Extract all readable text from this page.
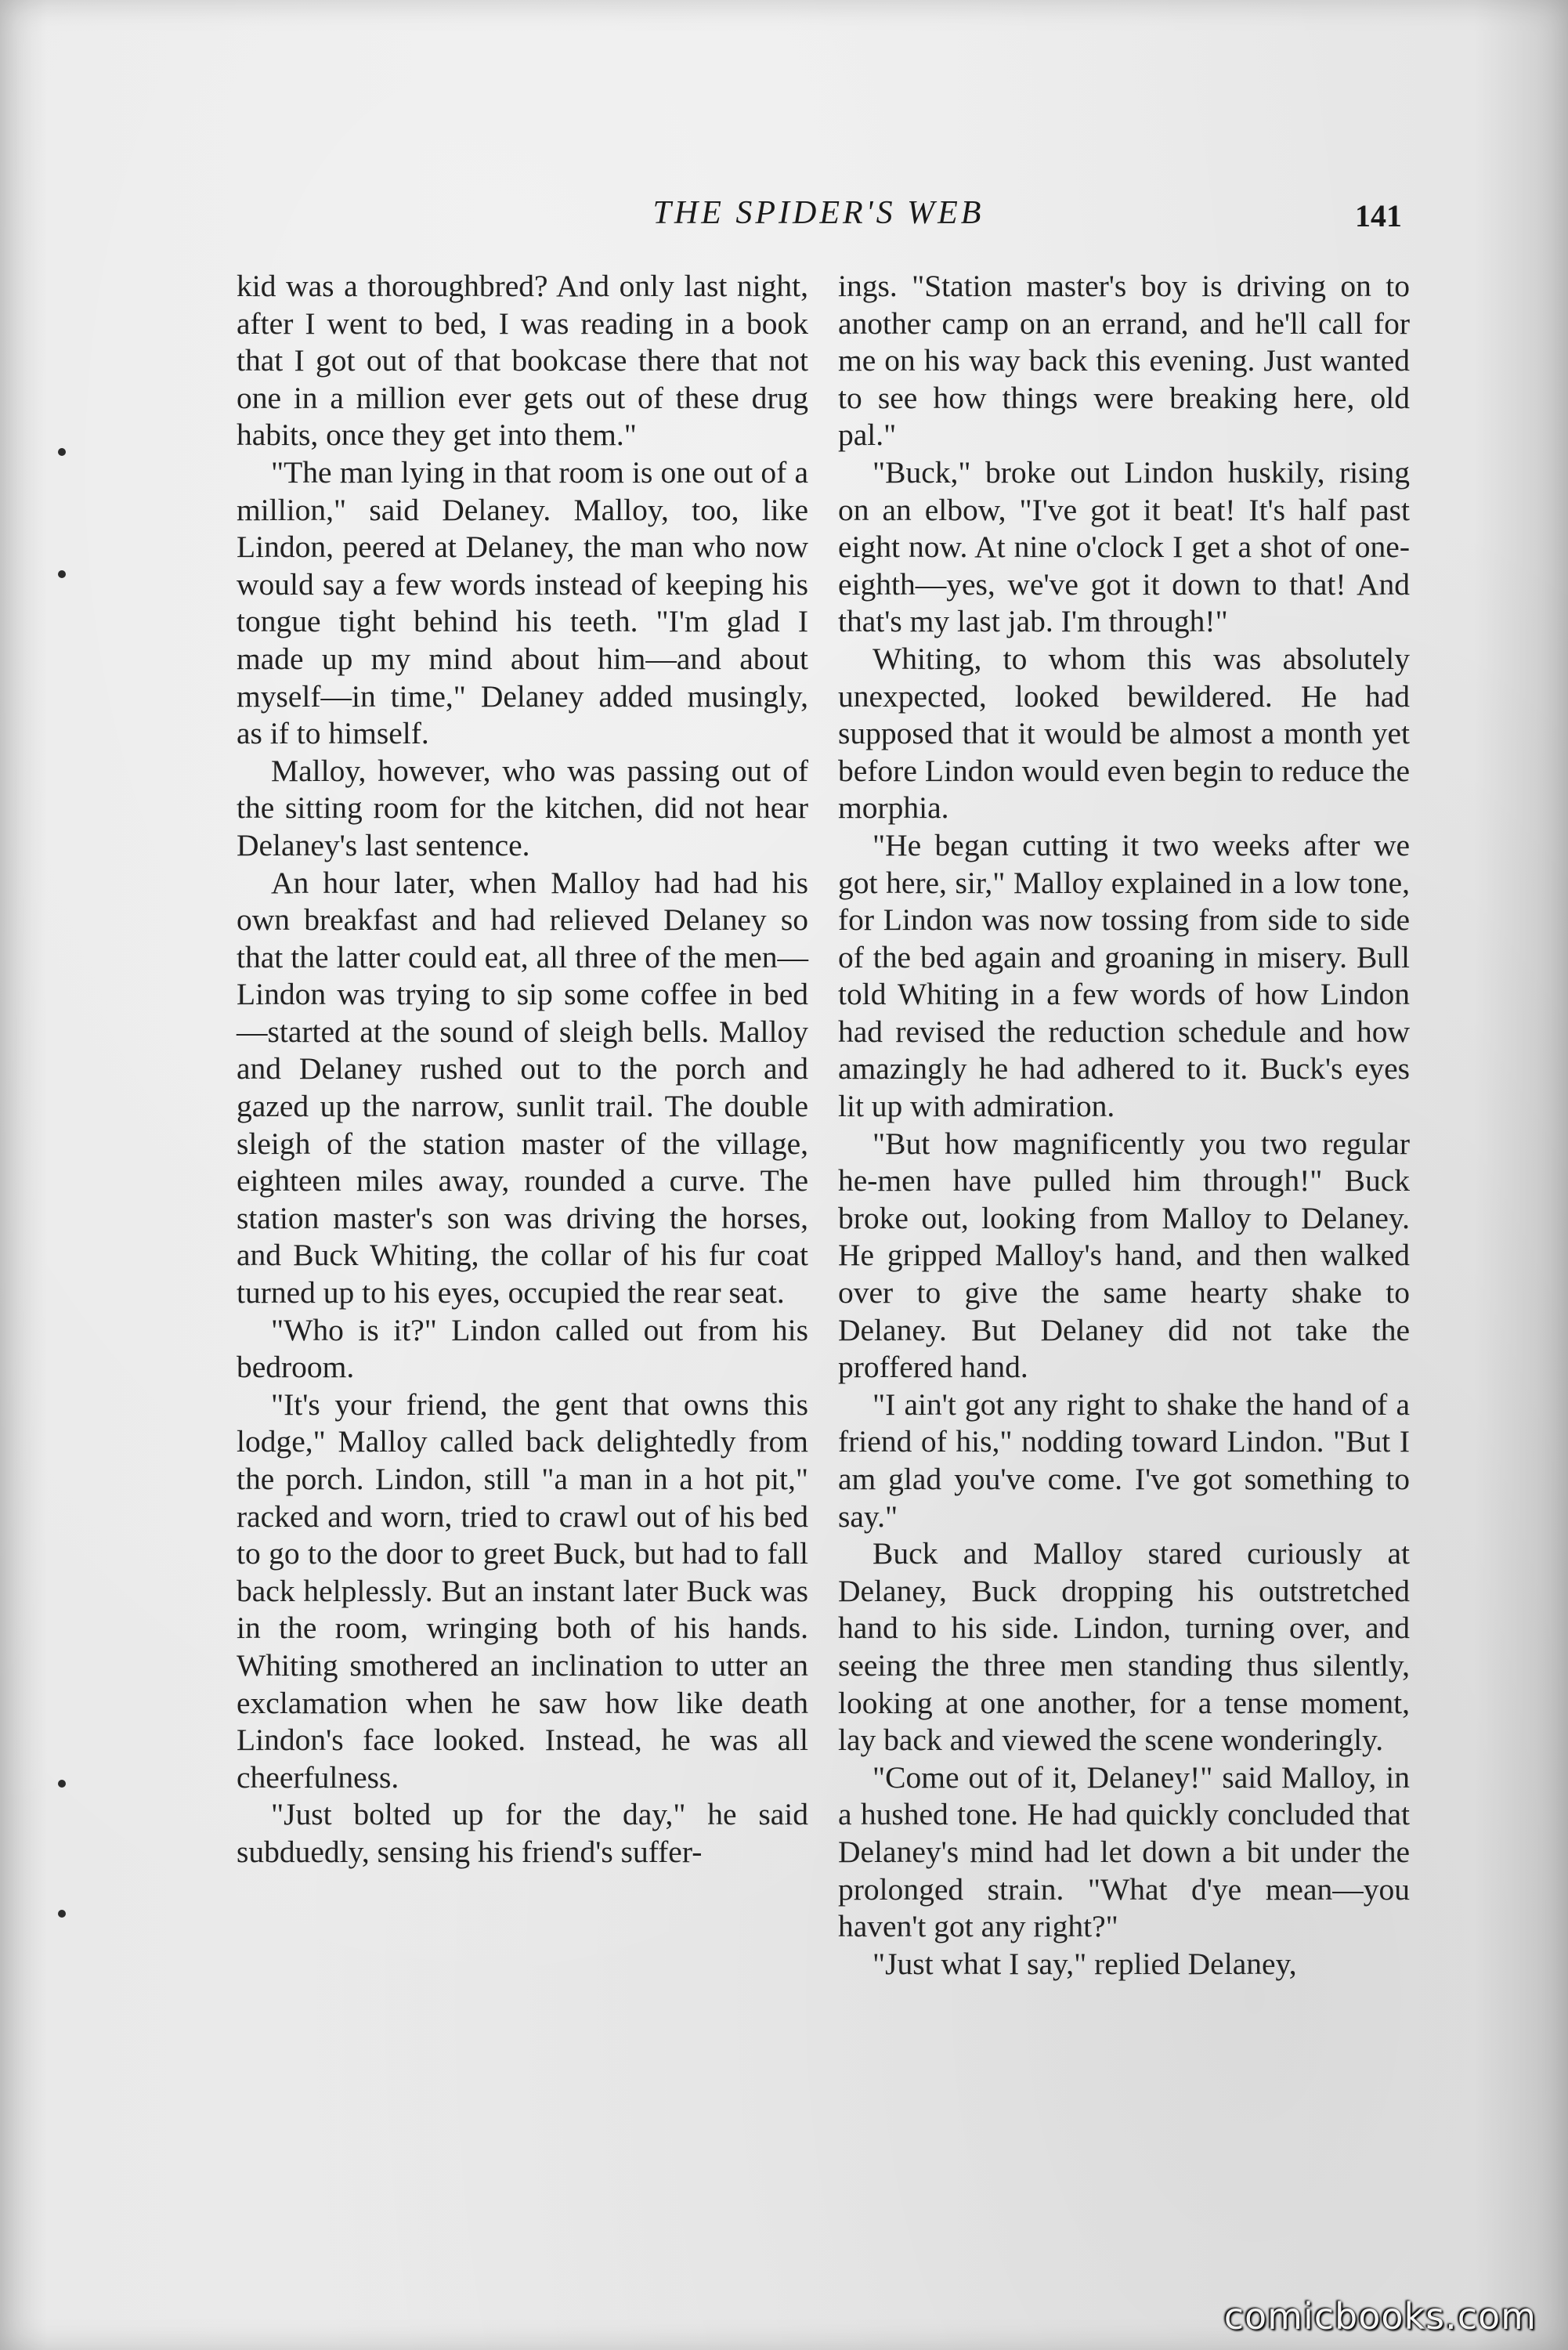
THE SPIDER'S WEB	141

kid was a thoroughbred? And only last night, after I went to bed, I was reading in a book that I got out of that bookcase there that not one in a million ever gets out of these drug habits, once they get into them."

"The man lying in that room is one out of a million," said Delaney. Malloy, too, like Lindon, peered at Delaney, the man who now would say a few words instead of keeping his tongue tight behind his teeth. "I'm glad I made up my mind about him—and about myself—in time," Delaney added musingly, as if to himself.

Malloy, however, who was passing out of the sitting room for the kitchen, did not hear Delaney's last sentence.

An hour later, when Malloy had had his own breakfast and had relieved Delaney so that the latter could eat, all three of the men—Lindon was trying to sip some coffee in bed—started at the sound of sleigh bells. Malloy and Delaney rushed out to the porch and gazed up the narrow, sunlit trail. The double sleigh of the station master of the village, eighteen miles away, rounded a curve. The station master's son was driving the horses, and Buck Whiting, the collar of his fur coat turned up to his eyes, occupied the rear seat.

"Who is it?" Lindon called out from his bedroom.

"It's your friend, the gent that owns this lodge," Malloy called back delightedly from the porch. Lindon, still "a man in a hot pit," racked and worn, tried to crawl out of his bed to go to the door to greet Buck, but had to fall back helplessly. But an instant later Buck was in the room, wringing both of his hands. Whiting smothered an inclination to utter an exclamation when he saw how like death Lindon's face looked. Instead, he was all cheerfulness.

"Just bolted up for the day," he said subduedly, sensing his friend's suffer-

ings. "Station master's boy is driving on to another camp on an errand, and he'll call for me on his way back this evening. Just wanted to see how things were breaking here, old pal."

"Buck," broke out Lindon huskily, rising on an elbow, "I've got it beat! It's half past eight now. At nine o'clock I get a shot of one-eighth—yes, we've got it down to that! And that's my last jab. I'm through!"

Whiting, to whom this was absolutely unexpected, looked bewildered. He had supposed that it would be almost a month yet before Lindon would even begin to reduce the morphia.

"He began cutting it two weeks after we got here, sir," Malloy explained in a low tone, for Lindon was now tossing from side to side of the bed again and groaning in misery. Bull told Whiting in a few words of how Lindon had revised the reduction schedule and how amazingly he had adhered to it. Buck's eyes lit up with admiration.

"But how magnificently you two regular he-men have pulled him through!" Buck broke out, looking from Malloy to Delaney. He gripped Malloy's hand, and then walked over to give the same hearty shake to Delaney. But Delaney did not take the proffered hand.

"I ain't got any right to shake the hand of a friend of his," nodding toward Lindon. "But I am glad you've come. I've got something to say."

Buck and Malloy stared curiously at Delaney, Buck dropping his outstretched hand to his side. Lindon, turning over, and seeing the three men standing thus silently, looking at one another, for a tense moment, lay back and viewed the scene wonderingly.

"Come out of it, Delaney!" said Malloy, in a hushed tone. He had quickly concluded that Delaney's mind had let down a bit under the prolonged strain. "What d'ye mean—you haven't got any right?"

"Just what I say," replied Delaney,

comicbooks.com
